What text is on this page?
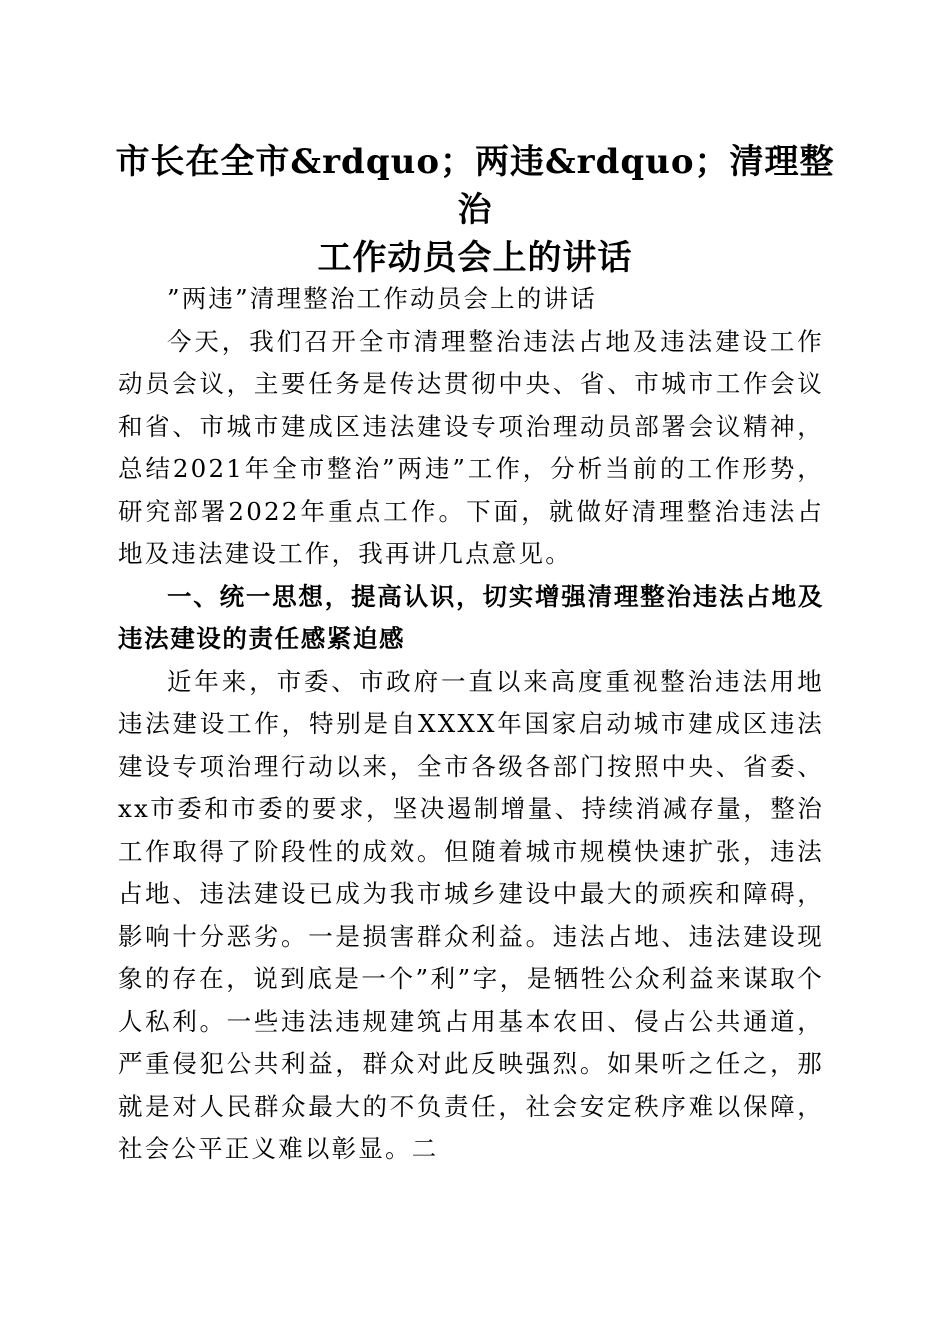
市长在全市&rdquo；两违&rdquo；清理整治
工作动员会上的讲话

”两违”清理整治工作动员会上的讲话

今天，我们召开全市清理整治违法占地及违法建设工作动员会议，主要任务是传达贯彻中央、省、市城市工作会议和省、市城市建成区违法建设专项治理动员部署会议精神，总结2021年全市整治”两违”工作，分析当前的工作形势，研究部署2022年重点工作。下面，就做好清理整治违法占地及违法建设工作，我再讲几点意见。

一、统一思想，提高认识，切实增强清理整治违法占地及违法建设的责任感紧迫感

近年来，市委、市政府一直以来高度重视整治违法用地违法建设工作，特别是自XXXX年国家启动城市建成区违法建设专项治理行动以来，全市各级各部门按照中央、省委、xx市委和市委的要求，坚决遏制增量、持续消减存量，整治工作取得了阶段性的成效。但随着城市规模快速扩张，违法占地、违法建设已成为我市城乡建设中最大的顽疾和障碍，影响十分恶劣。一是损害群众利益。违法占地、违法建设现象的存在，说到底是一个”利”字，是牺牲公众利益来谋取个人私利。一些违法违规建筑占用基本农田、侵占公共通道，严重侵犯公共利益，群众对此反映强烈。如果听之任之，那就是对人民群众最大的不负责任，社会安定秩序难以保障，社会公平正义难以彰显。二
